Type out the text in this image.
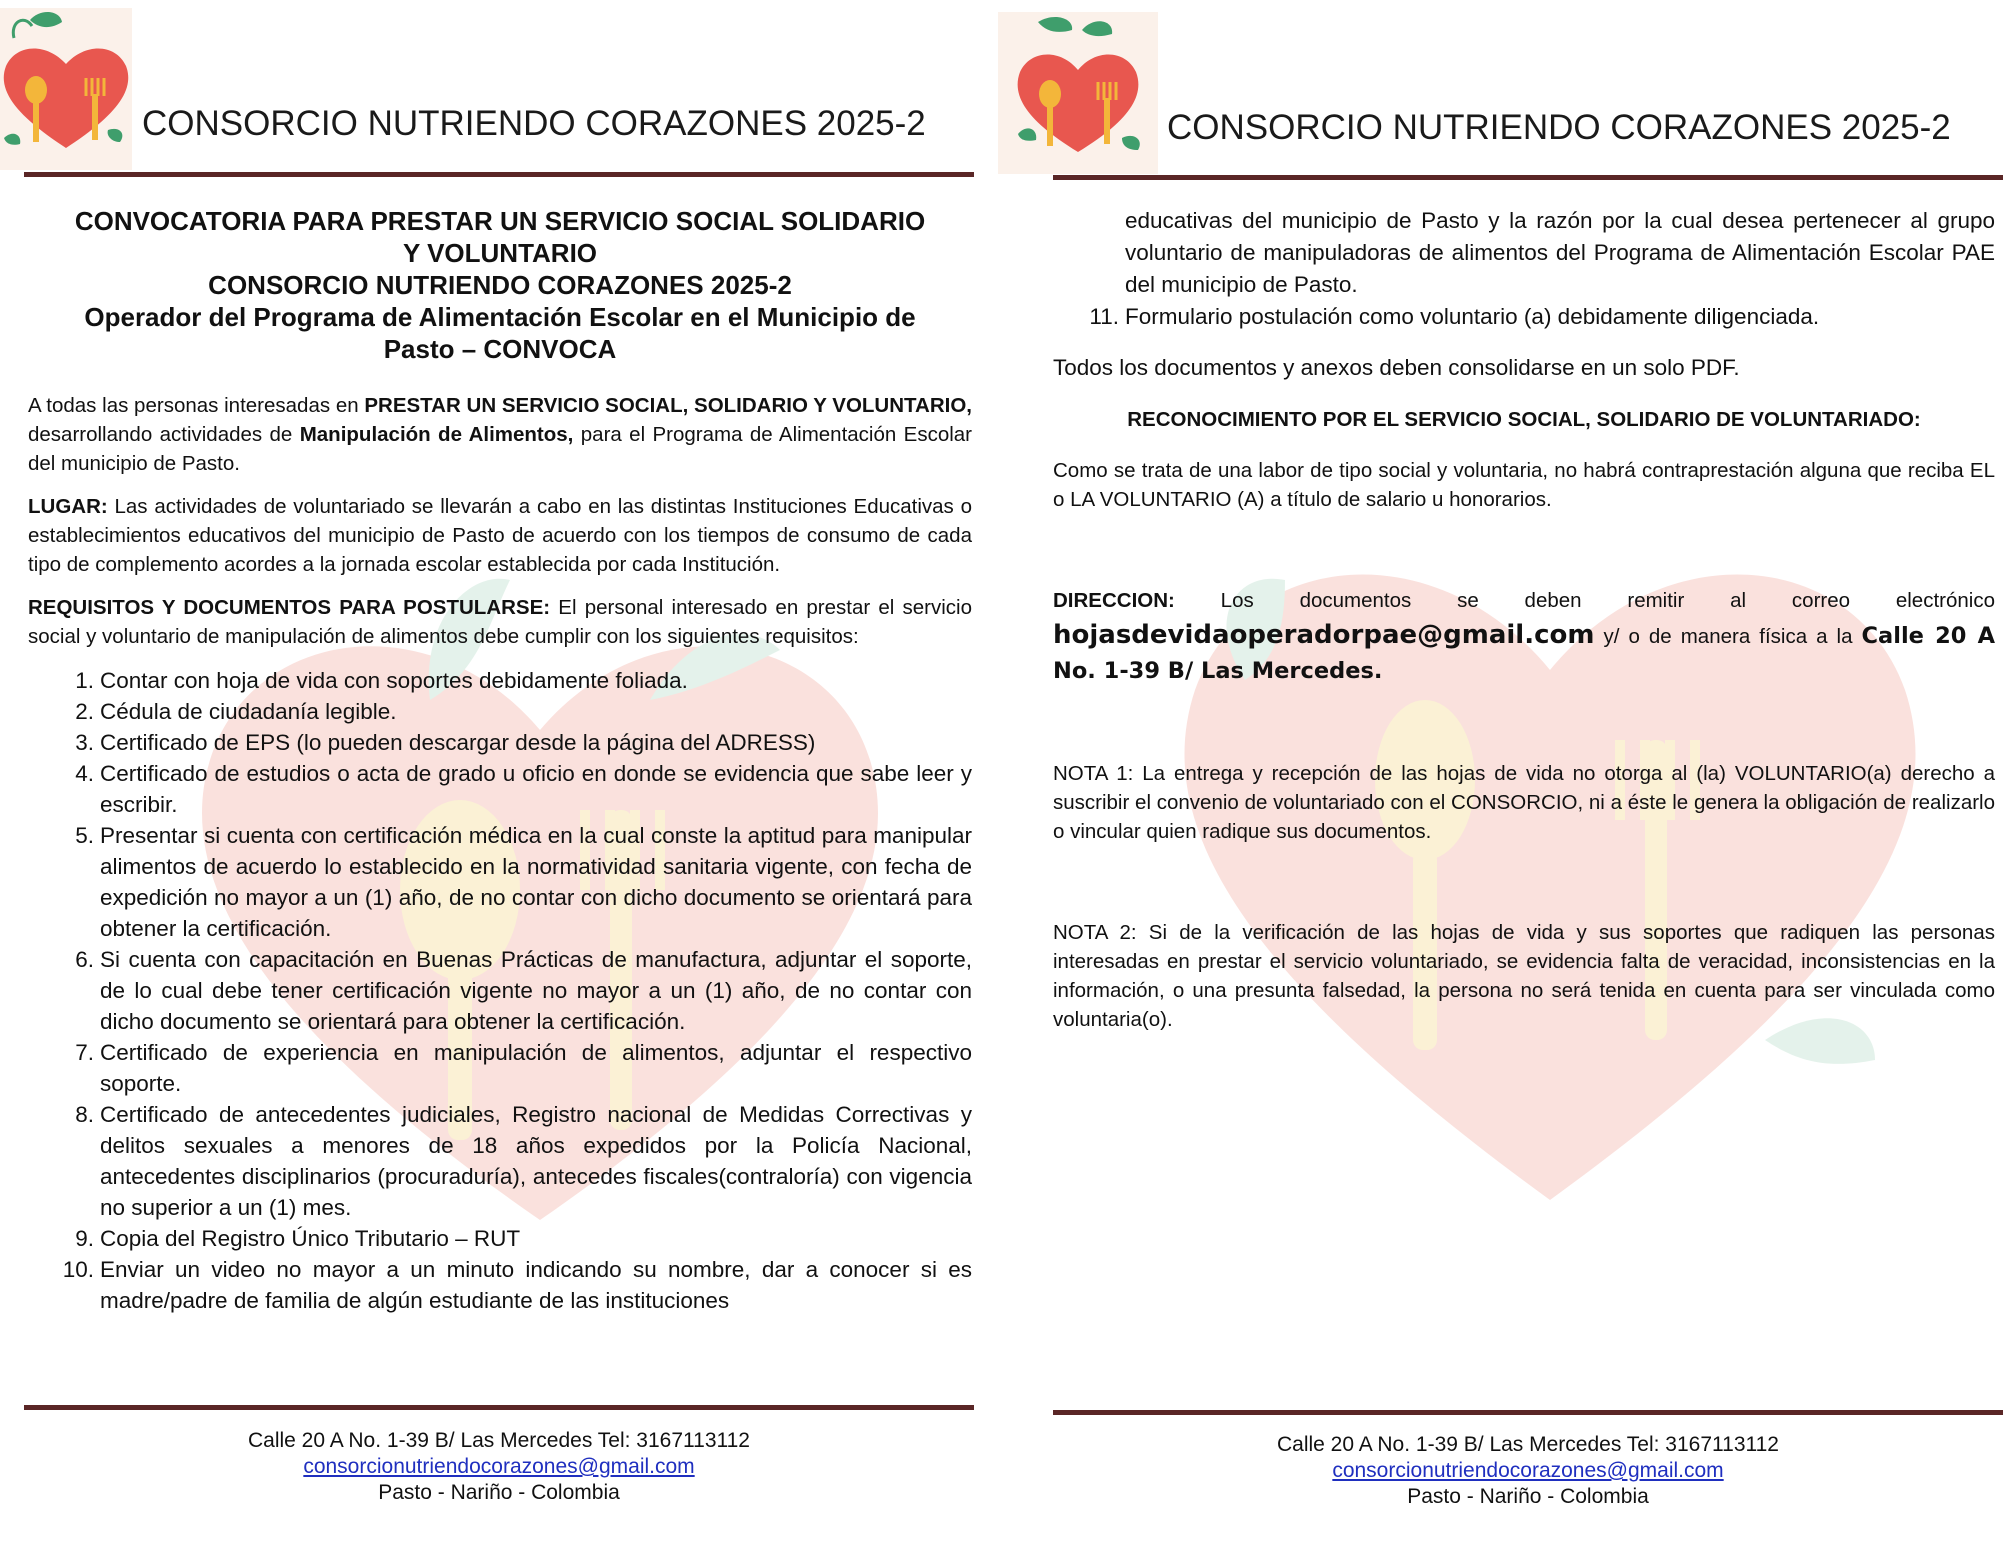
CONSORCIO NUTRIENDO CORAZONES 2025-2
CONVOCATORIA PARA PRESTAR UN SERVICIO SOCIAL SOLIDARIO
Y VOLUNTARIO
CONSORCIO NUTRIENDO CORAZONES 2025-2
Operador del Programa de Alimentación Escolar en el Municipio de
Pasto – CONVOCA

A todas las personas interesadas en PRESTAR UN SERVICIO SOCIAL, SOLIDARIO Y VOLUNTARIO, desarrollando actividades de Manipulación de Alimentos, para el Programa de Alimentación Escolar del municipio de Pasto.

LUGAR: Las actividades de voluntariado se llevarán a cabo en las distintas Instituciones Educativas o establecimientos educativos del municipio de Pasto de acuerdo con los tiempos de consumo de cada tipo de complemento acordes a la jornada escolar establecida por cada Institución.

REQUISITOS Y DOCUMENTOS PARA POSTULARSE: El personal interesado en prestar el servicio social y voluntario de manipulación de alimentos debe cumplir con los siguientes requisitos:

1. Contar con hoja de vida con soportes debidamente foliada.
2. Cédula de ciudadanía legible.
3. Certificado de EPS (lo pueden descargar desde la página del ADRESS)
4. Certificado de estudios o acta de grado u oficio en donde se evidencia que sabe leer y escribir.
5. Presentar si cuenta con certificación médica en la cual conste la aptitud para manipular alimentos de acuerdo lo establecido en la normatividad sanitaria vigente, con fecha de expedición no mayor a un (1) año, de no contar con dicho documento se orientará para obtener la certificación.
6. Si cuenta con capacitación en Buenas Prácticas de manufactura, adjuntar el soporte, de lo cual debe tener certificación vigente no mayor a un (1) año, de no contar con dicho documento se orientará para obtener la certificación.
7. Certificado de experiencia en manipulación de alimentos, adjuntar el respectivo soporte.
8. Certificado de antecedentes judiciales, Registro nacional de Medidas Correctivas y delitos sexuales a menores de 18 años expedidos por la Policía Nacional, antecedentes disciplinarios (procuraduría), antecedes fiscales(contraloría) con vigencia no superior a un (1) mes.
9. Copia del Registro Único Tributario – RUT
10. Enviar un video no mayor a un minuto indicando su nombre, dar a conocer si es madre/padre de familia de algún estudiante de las instituciones
Calle 20 A No. 1-39 B/ Las Mercedes Tel: 3167113112
consorcionutriendocorazones@gmail.com
Pasto - Nariño - Colombia
CONSORCIO NUTRIENDO CORAZONES 2025-2
educativas del municipio de Pasto y la razón por la cual desea pertenecer al grupo voluntario de manipuladoras de alimentos del Programa de Alimentación Escolar PAE del municipio de Pasto.
11. Formulario postulación como voluntario (a) debidamente diligenciada.
Todos los documentos y anexos deben consolidarse en un solo PDF.
RECONOCIMIENTO POR EL SERVICIO SOCIAL, SOLIDARIO DE VOLUNTARIADO:

Como se trata de una labor de tipo social y voluntaria, no habrá contraprestación alguna que reciba EL o LA VOLUNTARIO (A) a título de salario u honorarios.

DIRECCION: Los documentos se deben remitir al correo electrónico hojasdevidaoperadorpae@gmail.com y/ o de manera física a la Calle 20 A No. 1-39 B/ Las Mercedes.

NOTA 1: La entrega y recepción de las hojas de vida no otorga al (la) VOLUNTARIO(a) derecho a suscribir el convenio de voluntariado con el CONSORCIO, ni a éste le genera la obligación de realizarlo o vincular quien radique sus documentos.

NOTA 2: Si de la verificación de las hojas de vida y sus soportes que radiquen las personas interesadas en prestar el servicio voluntariado, se evidencia falta de veracidad, inconsistencias en la información, o una presunta falsedad, la persona no será tenida en cuenta para ser vinculada como voluntaria(o).

Calle 20 A No. 1-39 B/ Las Mercedes Tel: 3167113112
consorcionutriendocorazones@gmail.com
Pasto - Nariño - Colombia
